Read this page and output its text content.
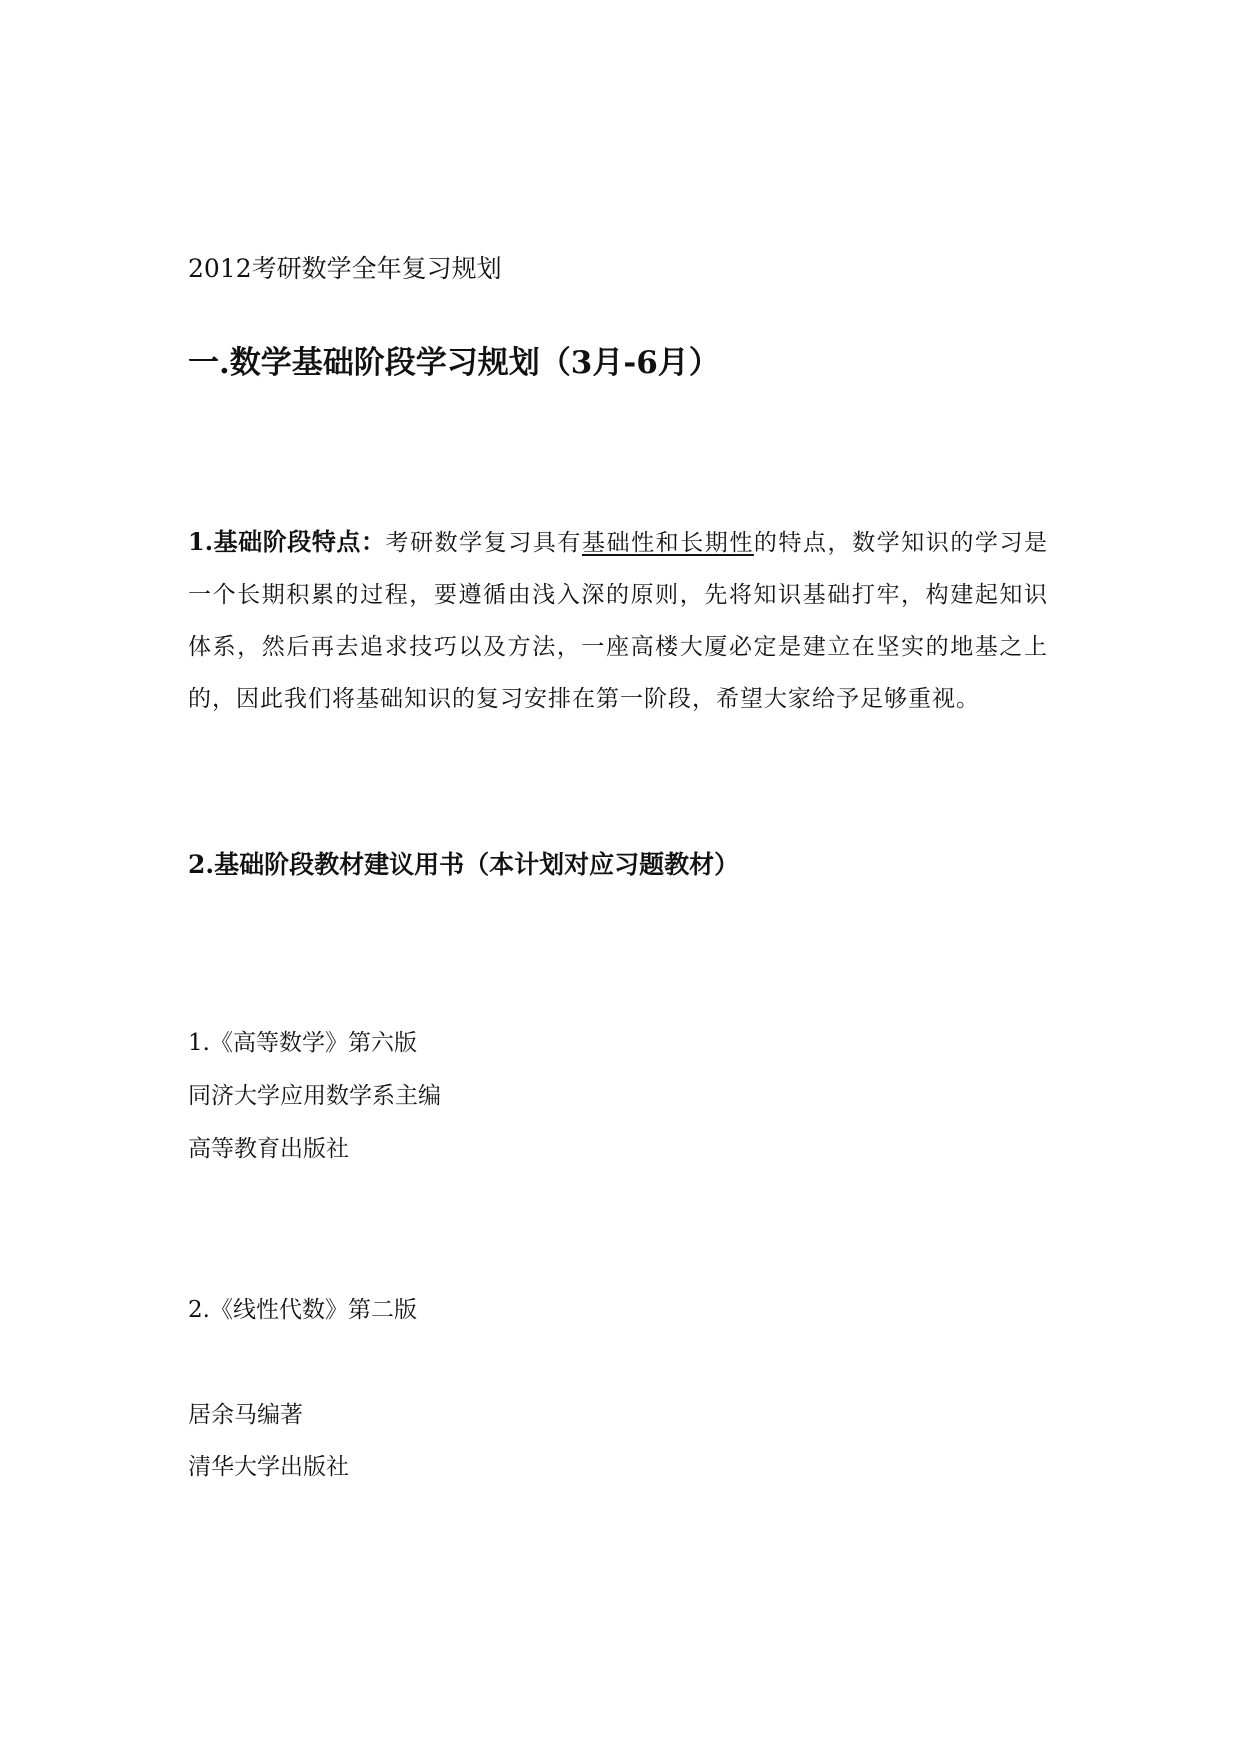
2012考研数学全年复习规划

一.数学基础阶段学习规划（3月-6月）

1.基础阶段特点：考研数学复习具有基础性和长期性的特点，数学知识的学习是一个长期积累的过程，要遵循由浅入深的原则，先将知识基础打牢，构建起知识体系，然后再去追求技巧以及方法，一座高楼大厦必定是建立在坚实的地基之上的，因此我们将基础知识的复习安排在第一阶段，希望大家给予足够重视。

2.基础阶段教材建议用书（本计划对应习题教材）

1.《高等数学》第六版

同济大学应用数学系主编

高等教育出版社

2.《线性代数》第二版

居余马编著

清华大学出版社
